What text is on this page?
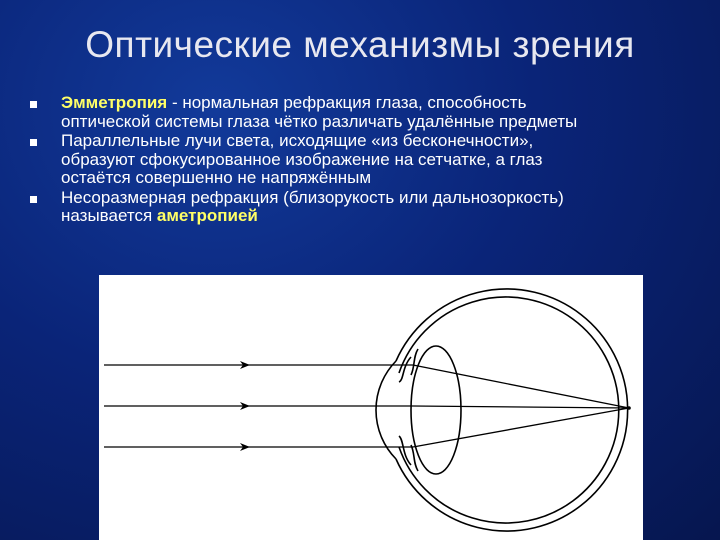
Оптические механизмы зрения
Эмметропия - нормальная рефракция глаза, способность
оптической системы глаза чётко различать удалённые предметы
Параллельные лучи света, исходящие «из бесконечности»,
образуют сфокусированное изображение на сетчатке, а глаз
остаётся совершенно не напряжённым
Несоразмерная рефракция (близорукость или дальнозоркость)
называется аметропией
